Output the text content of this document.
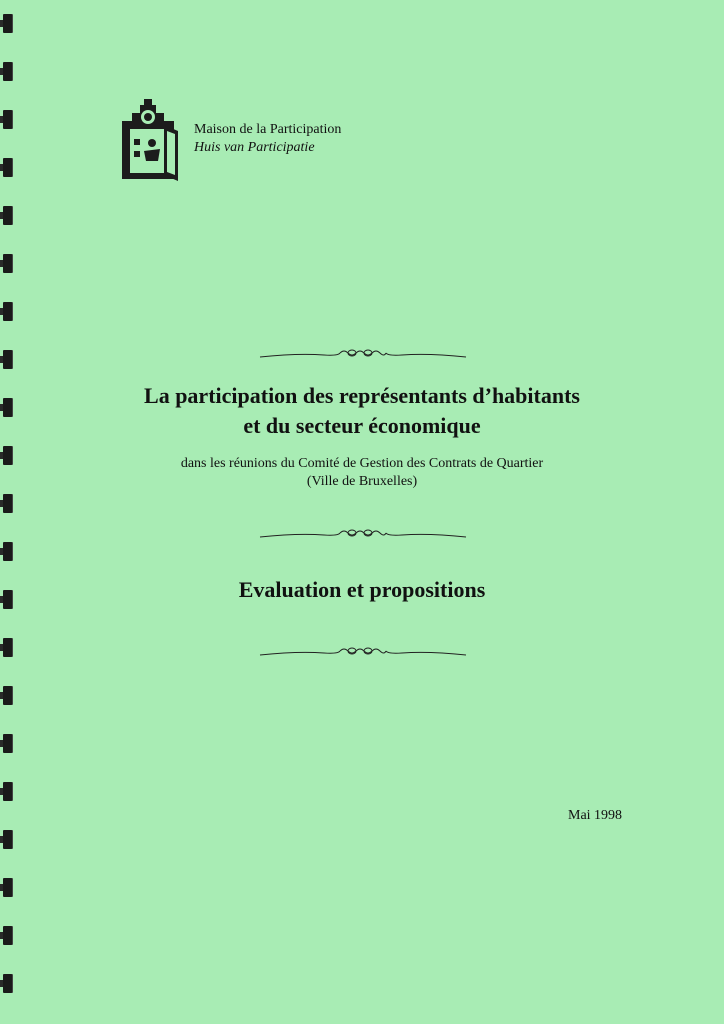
Maison de la Participation
Huis van Participatie
La participation des représentants d’habitants
et du secteur économique
dans les réunions du Comité de Gestion des Contrats de Quartier
(Ville de Bruxelles)
Evaluation et propositions
Mai 1998
